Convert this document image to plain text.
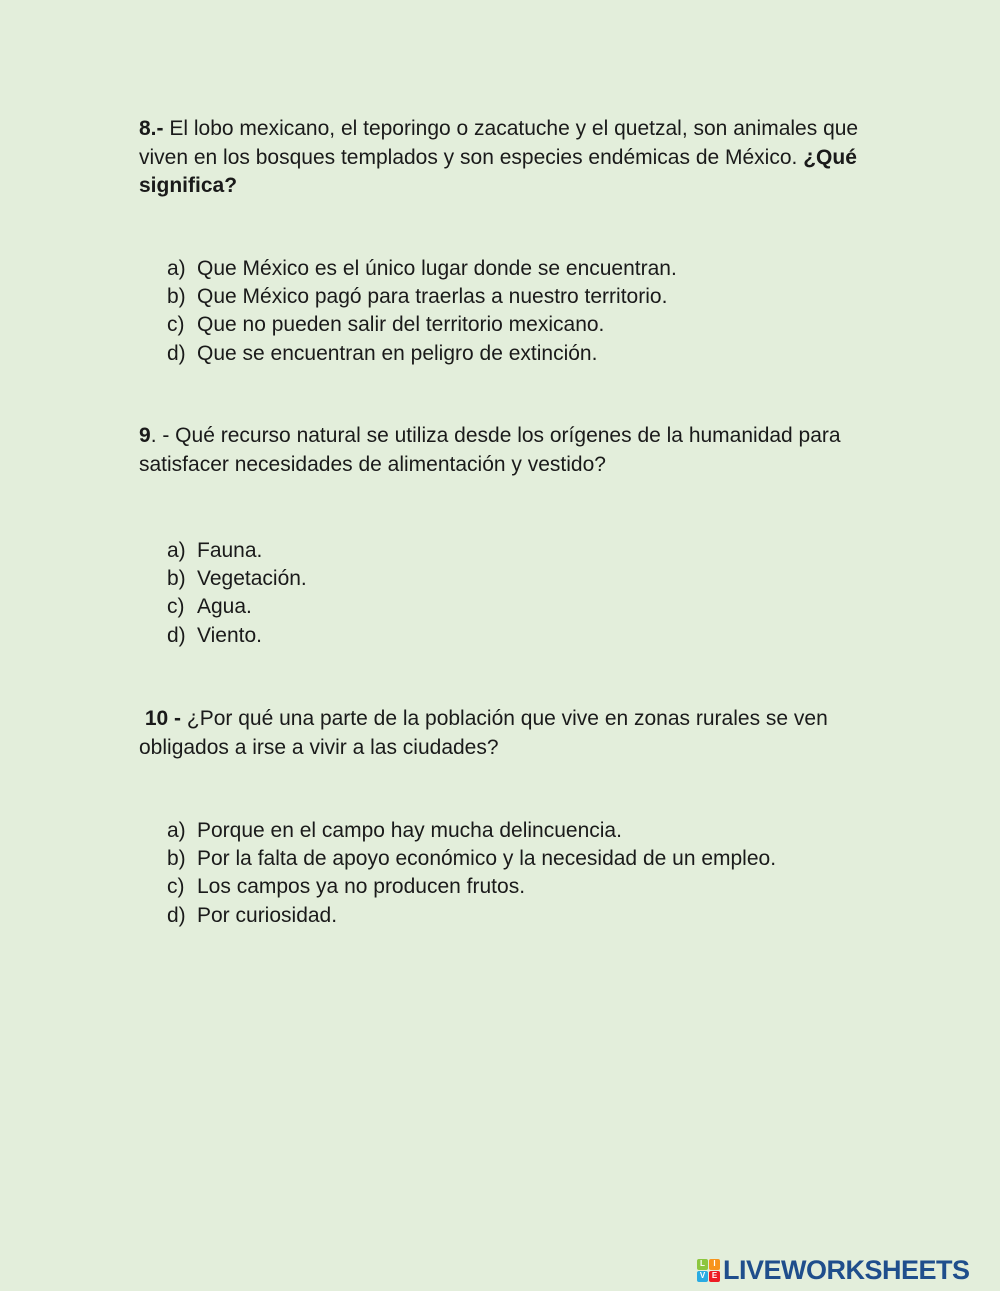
8.- El lobo mexicano, el teporingo o zacatuche y el quetzal, son animales que viven en los bosques templados y son especies endémicas de México. ¿Qué significa?
a) Que México es el único lugar donde se encuentran.
b) Que México pagó para traerlas a nuestro territorio.
c) Que no pueden salir del territorio mexicano.
d) Que se encuentran en peligro de extinción.
9. - Qué recurso natural se utiliza desde los orígenes de la humanidad para satisfacer necesidades de alimentación y vestido?
a) Fauna.
b) Vegetación.
c) Agua.
d) Viento.
10 - ¿Por qué una parte de la población que vive en zonas rurales se ven obligados a irse a vivir a las ciudades?
a) Porque en el campo hay mucha delincuencia.
b) Por la falta de apoyo económico y la necesidad de un empleo.
c) Los campos ya no producen frutos.
d) Por curiosidad.
L	I
V E LIVEWORKSHEETS
